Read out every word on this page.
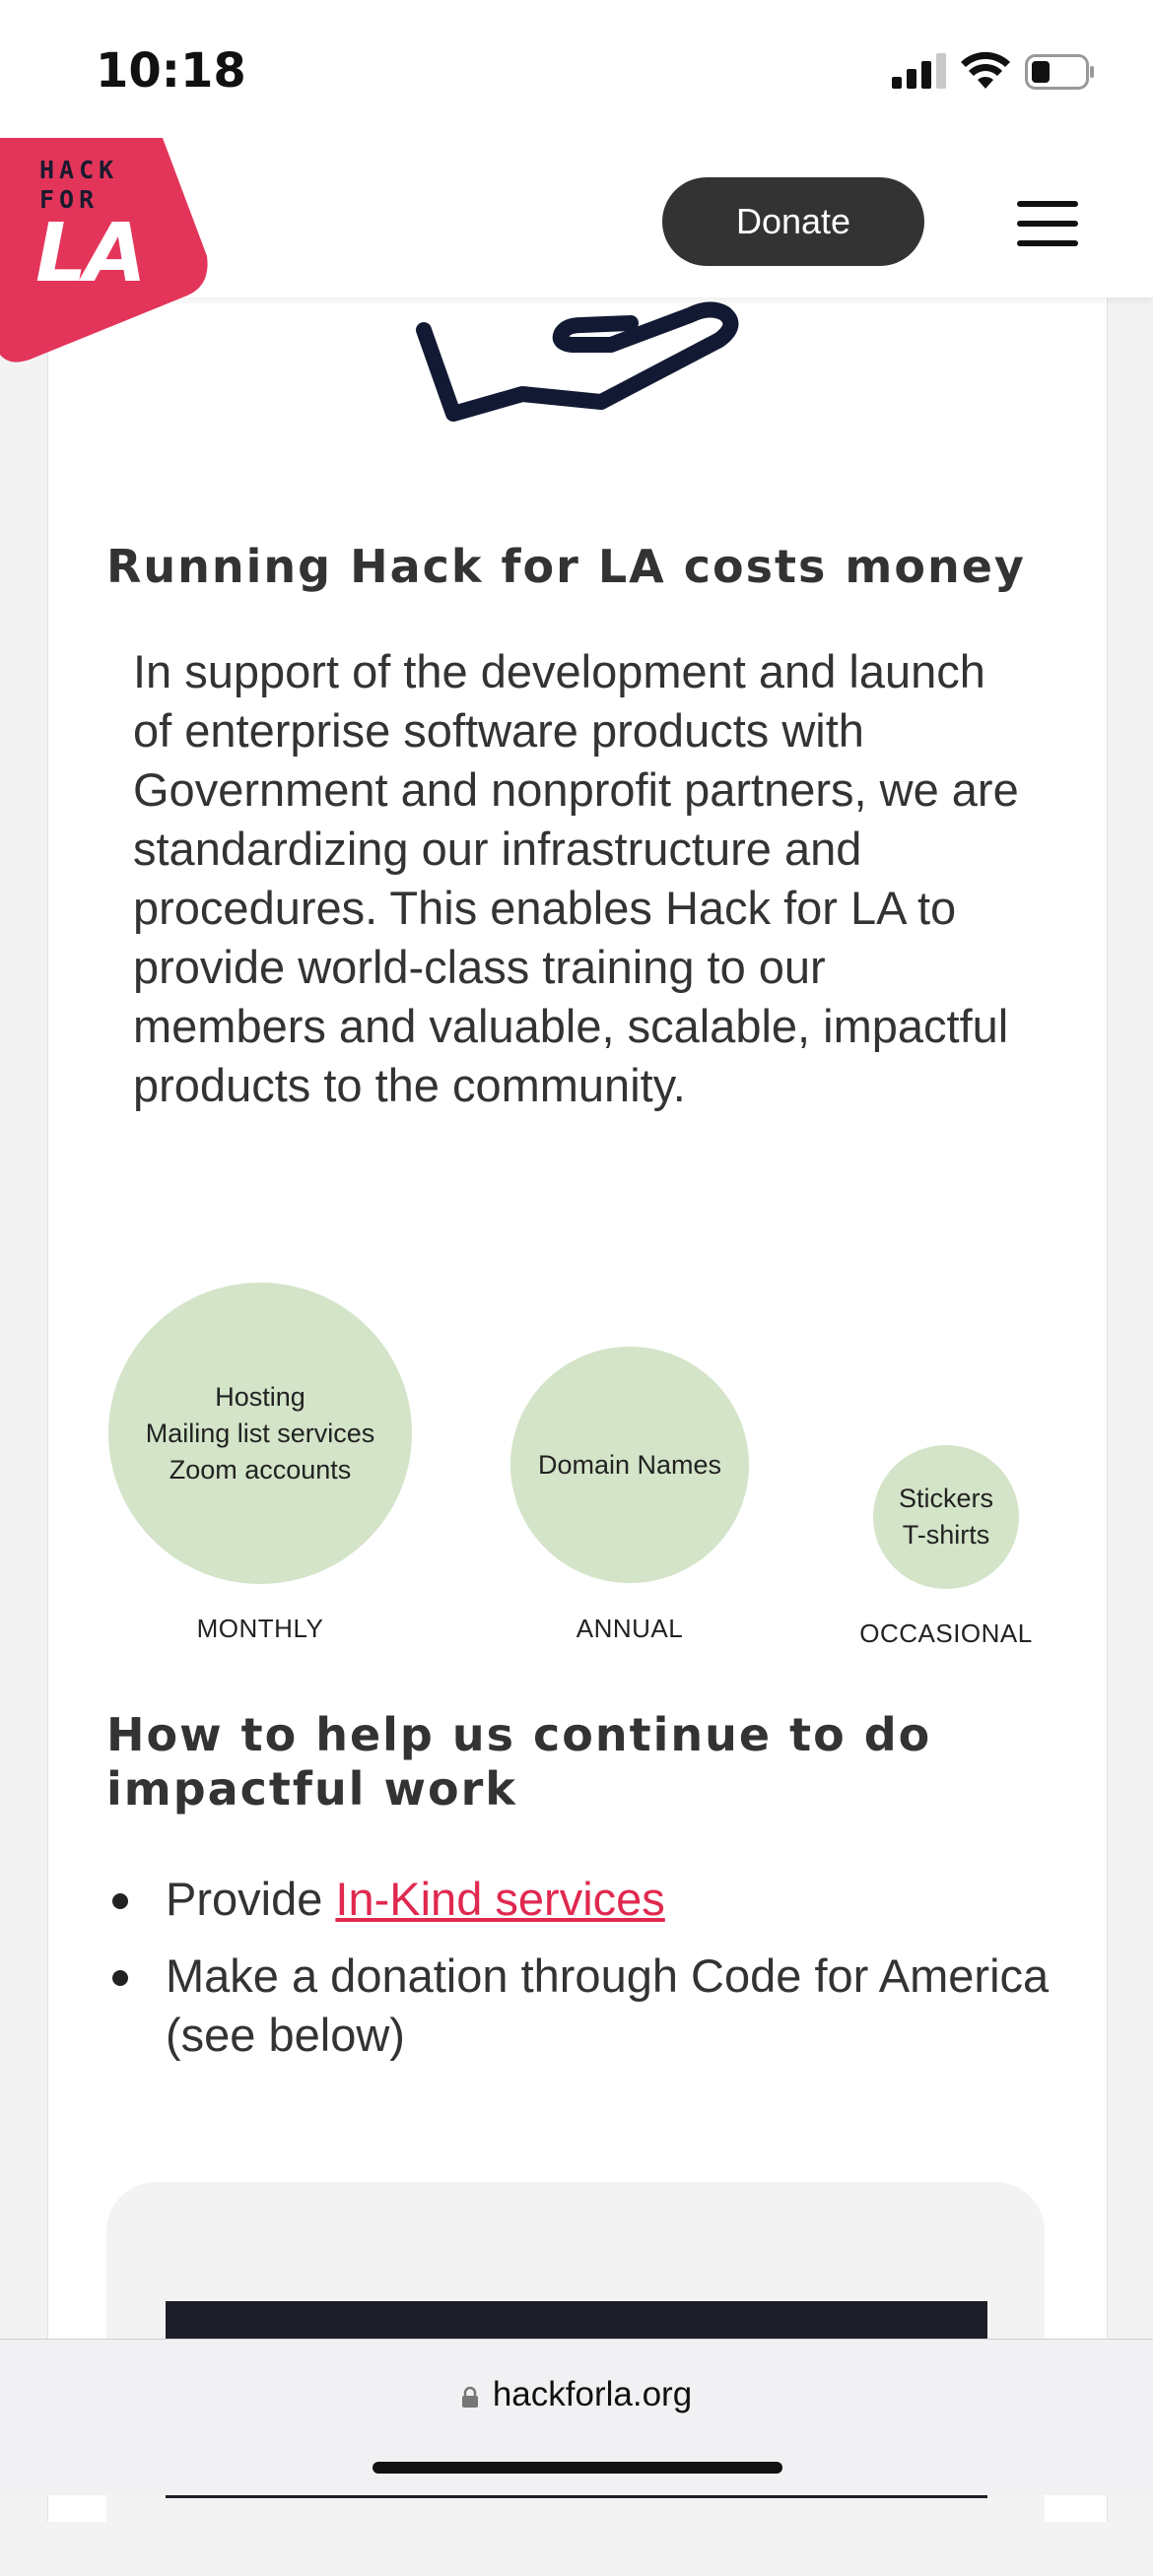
10:18
HACK
FOR
LA	Donate
Running Hack for LA costs money

In support of the development and launch of enterprise software products with Government and nonprofit partners, we are standardizing our infrastructure and procedures. This enables Hack for LA to provide world-class training to our members and valuable, scalable, impactful products to the community.

Hosting
Mailing list services
Zoom accounts	Domain Names
Stickers
T-shirts
MONTHLY	ANNUAL	OCCASIONAL
How to help us continue to do impactful work
Provide In-Kind services
Make a donation through Code for America (see below)
hackforla.org
